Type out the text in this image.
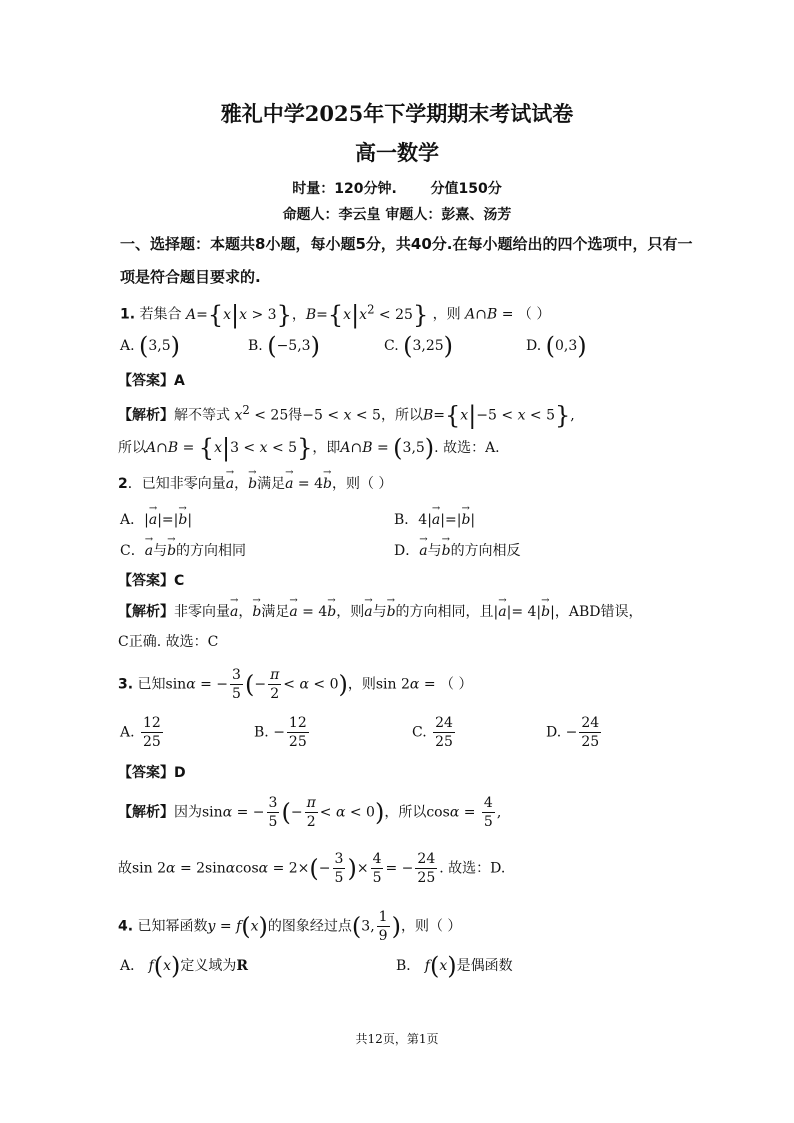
雅礼中学2025年下学期期末考试试卷
高一数学
时量：120分钟. 分值150分
命题人：李云皇 审题人：彭熹、汤芳
一、选择题：本题共8小题，每小题5分，共40分.在每小题给出的四个选项中，只有一
项是符合题目要求的.
1. 若集合 A={x|x > 3}，$B=\{x|x^2 < 25\}$ ，则 A∩B = （ ）
A. (3,5)	B. (−5,3)	C. (3,25)	D. (0,3)
【答案】A
【解析】解不等式 $x^2 < 25$得−5 < x < 5，所以B={x|−5 < x < 5},
所以A∩B = {x|3 < x < 5}，即A∩B = (3,5). 故选：A.
2．已知非零向量→ a，→ b满足→ a = 4→ b，则（ ）
A．|→ a|=|→ b|	B．4|→ a|=|→ b|
C．→ a与→ b的方向相同	D．→ a与→ b的方向相反
【答案】C
【解析】非零向量→ a，→ b满足→ a = 4→ b，则→ a与→ b的方向相同，且|→ a|= 4|→ b|，ABD错误，
C正确. 故选：C
3. 已知sinα = − $\frac{3}{5}$ (− $\frac{\pi}{2} < \alpha < 0$)，则sin 2α = （ ）
A. $\frac{12}{25}$	B. − $\frac{12}{25}$	C. $\frac{24}{25}$	D. − $\frac{24}{25}$
【答案】D
【解析】因为sinα = − $\frac{3}{5}$ (− $\frac{\pi}{2} < \alpha < 0$)，所以$\cos\alpha = \frac{4}{5}$ ,
故$\sin 2\alpha = 2\sin\alpha\cos\alpha = 2\times(- \frac{3}{5}$ )× $\frac{4}{5}$ = − $\frac{24}{25}$ . 故选：D.
4. 已知幂函数y = f(x)的图象经过点(3, $\frac{1}{9}$ )，则（ ）
A． f(x)定义域为R	B． f(x)是偶函数
共12页，第1页
